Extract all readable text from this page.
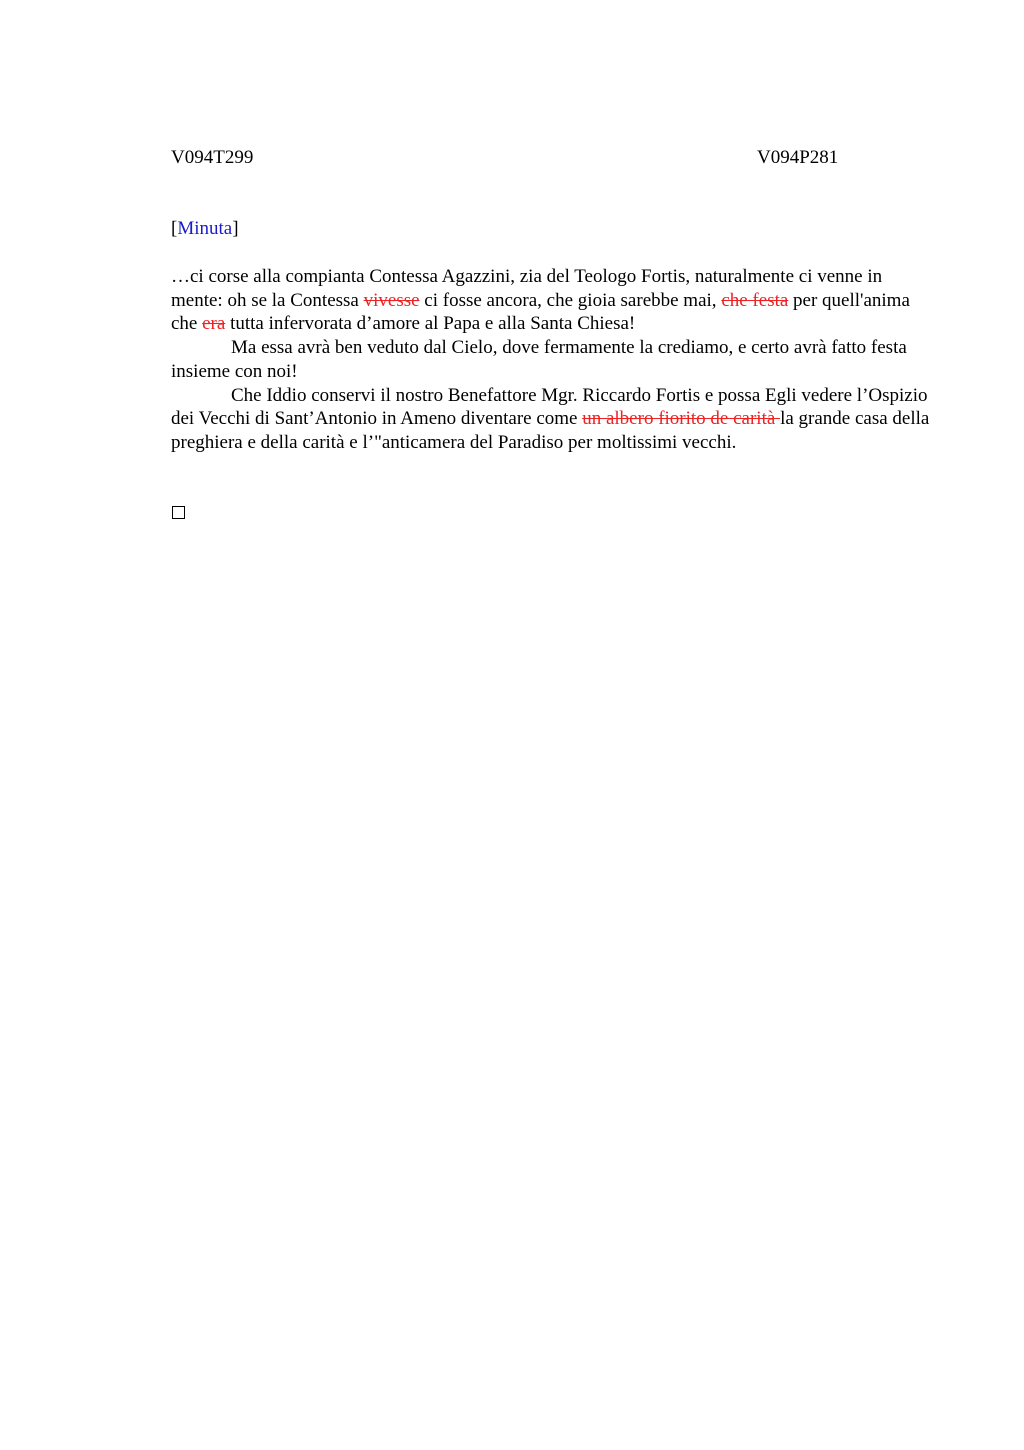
V094T299	V094P281

[Minuta]

…ci corse alla compianta Contessa Agazzini, zia del Teologo Fortis, naturalmente ci venne in mente: oh se la Contessa vivesse ci fosse ancora, che gioia sarebbe mai, che festa per quell'anima che era tutta infervorata d’amore al Papa e alla Santa Chiesa!

Ma essa avrà ben veduto dal Cielo, dove fermamente la crediamo, e certo avrà fatto festa insieme con noi!

Che Iddio conservi il nostro Benefattore Mgr. Riccardo Fortis e possa Egli vedere l’Ospizio dei Vecchi di Sant’Antonio in Ameno diventare come un albero fiorito de carità la grande casa della preghiera e della carità e l’"anticamera del Paradiso per moltissimi vecchi.
